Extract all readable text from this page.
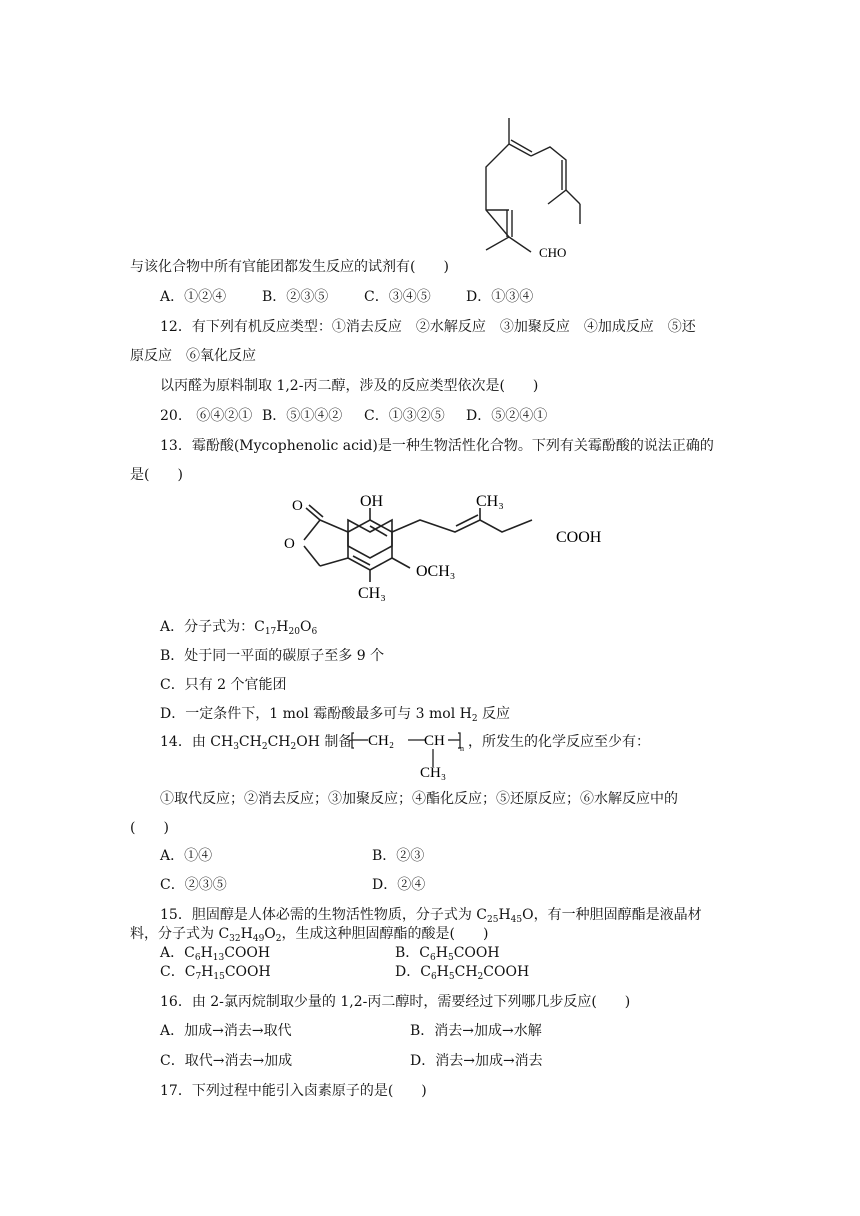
CHO
与该化合物中所有官能团都发生反应的试剂有(　　)
A．①②④	B．②③⑤	C．③④⑤	D．①③④
12．有下列有机反应类型：①消去反应　②水解反应　③加聚反应　④加成反应　⑤还
原反应　⑥氧化反应
以丙醛为原料制取 1,2-丙二醇，涉及的反应类型依次是(　　)
20.　⑥④②① B．⑤①④② C．①③②⑤ D．⑤②④①
13．霉酚酸(Mycophenolic acid)是一种生物活性化合物。下列有关霉酚酸的说法正确的
是(　　)
O
O
OH	CH₃
COOH
OCH₃
CH₃
A．分子式为：$C_{17}H_{20}O_6$
B．处于同一平面的碳原子至多 9 个
C．只有 2 个官能团
D．一定条件下，1 mol 霉酚酸最多可与 3 mol $H_2$ 反应
14．由 $CH_3CH_2CH_2OH$ 制备 CH₂ CH n
CH₃
，所发生的化学反应至少有：
①取代反应；②消去反应；③加聚反应；④酯化反应；⑤还原反应；⑥水解反应中的
(　　)
A．①④	B．②③
C．②③⑤	D．②④
15．胆固醇是人体必需的生物活性物质，分子式为 $C_{25}H_{45}O$，有一种胆固醇酯是液晶材
料，分子式为 $C_{32}H_{49}O_2$，生成这种胆固醇酯的酸是(　　)
A．$C_6H_{13}COOH$	B．$C_6H_5COOH$
C．$C_7H_{15}COOH$	D．$C_6H_5CH_2COOH$
16．由 2-氯丙烷制取少量的 1,2-丙二醇时，需要经过下列哪几步反应(　　)
A．加成→消去→取代	B．消去→加成→水解
C．取代→消去→加成	D．消去→加成→消去
17．下列过程中能引入卤素原子的是(　　)
